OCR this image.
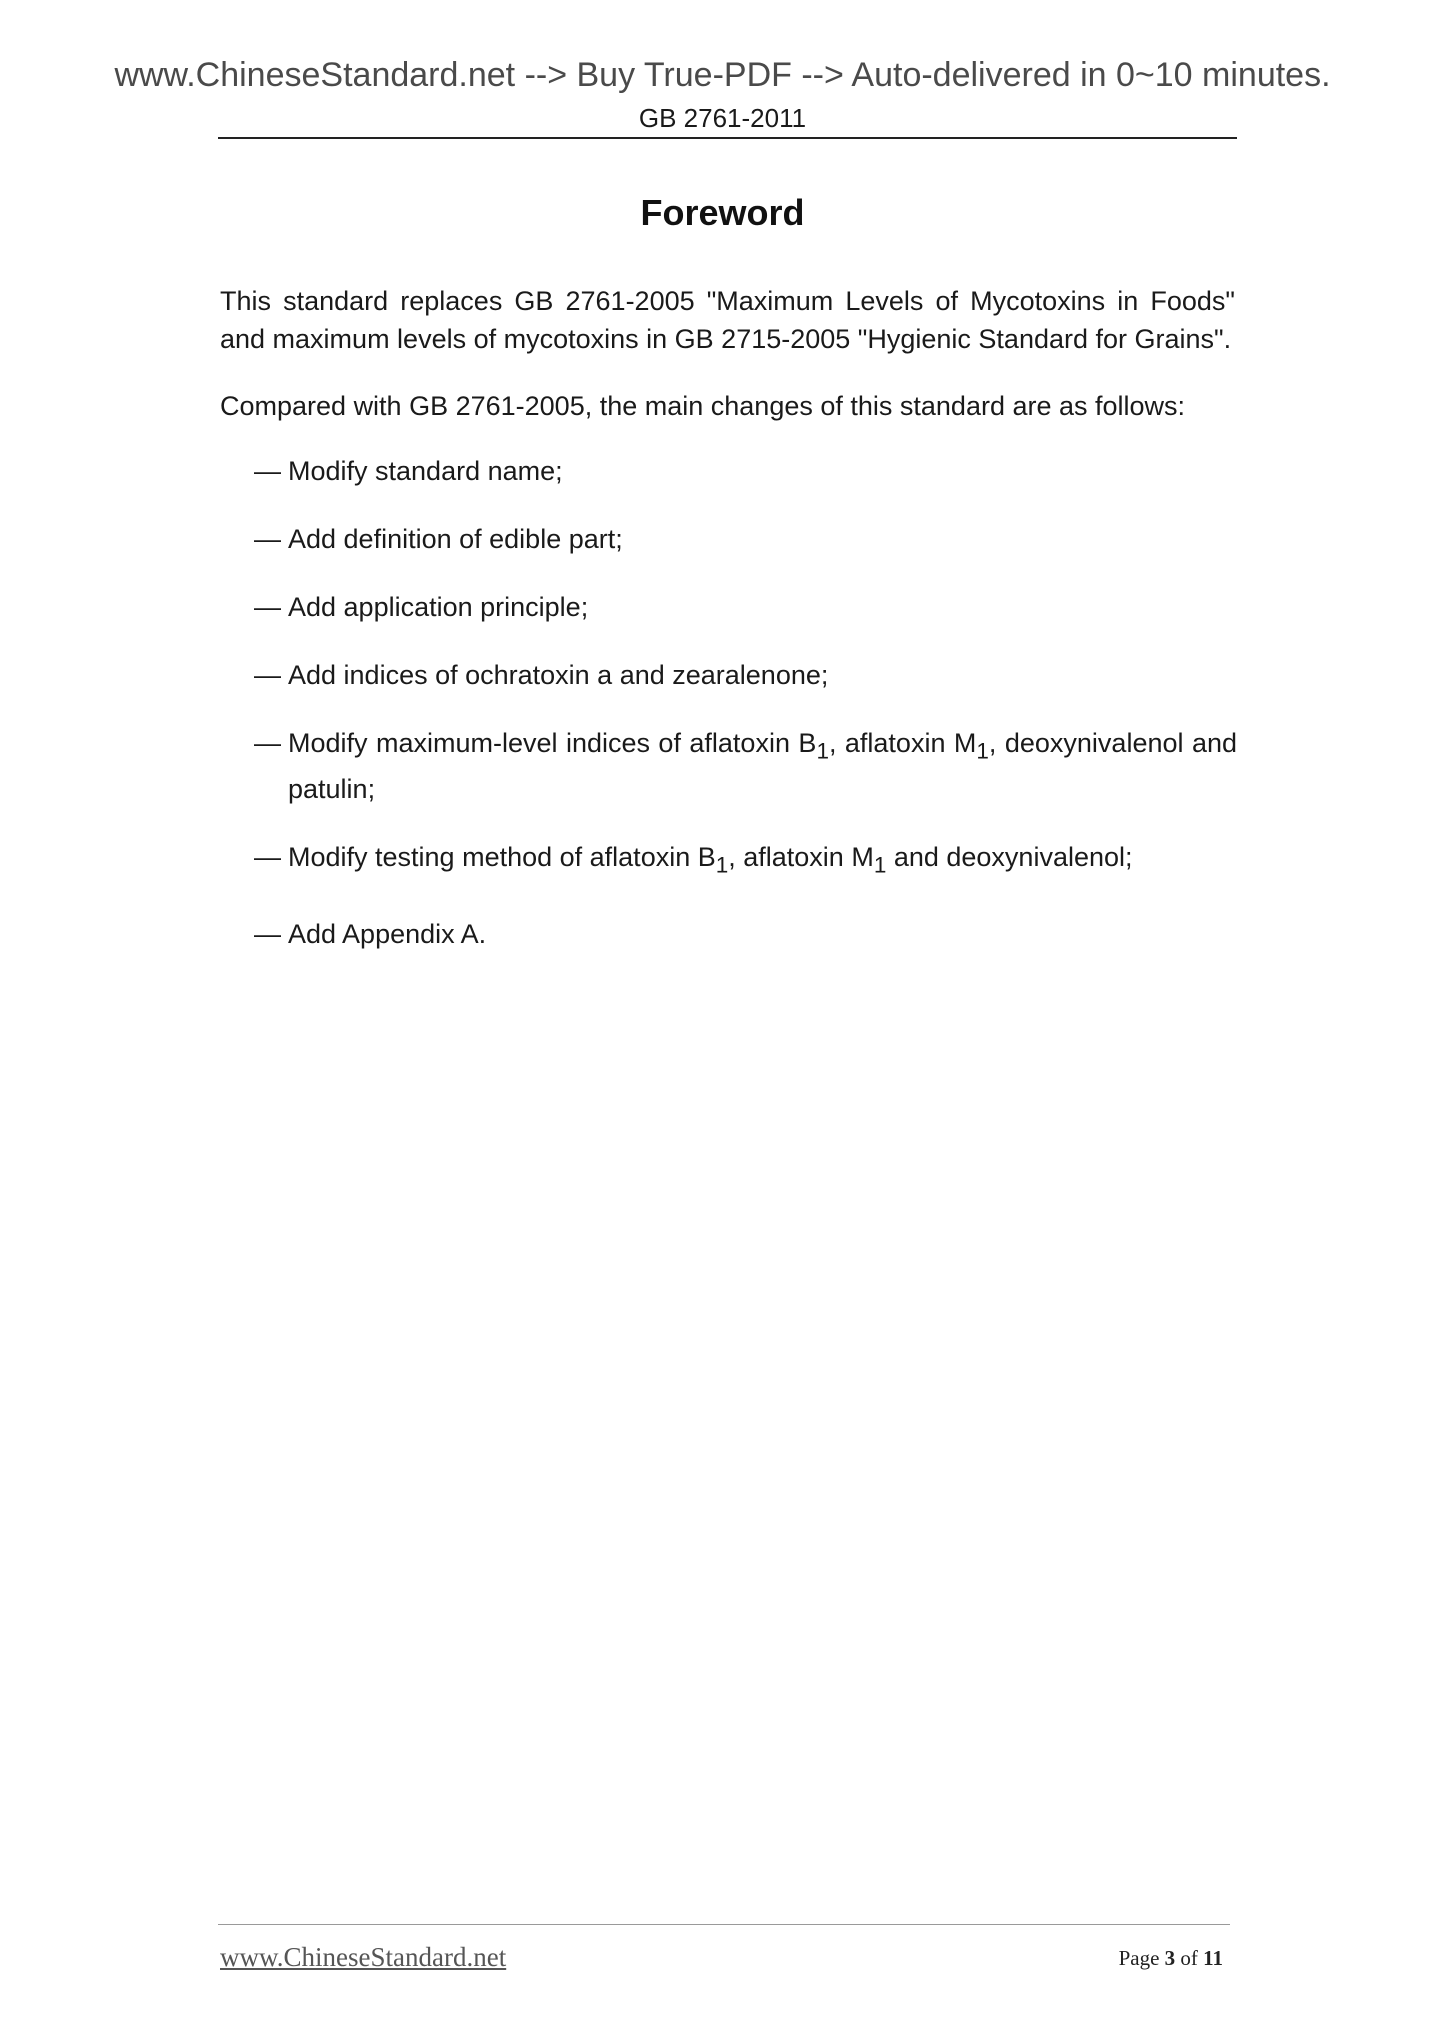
www.ChineseStandard.net --> Buy True-PDF --> Auto-delivered in 0~10 minutes.
GB 2761-2011
Foreword

This standard replaces GB 2761-2005 "Maximum Levels of Mycotoxins in Foods" and maximum levels of mycotoxins in GB 2715-2005 "Hygienic Standard for Grains".

Compared with GB 2761-2005, the main changes of this standard are as follows:

— Modify standard name;
— Add definition of edible part;
— Add application principle;
— Add indices of ochratoxin a and zearalenone;
— Modify maximum-level indices of aflatoxin $B_1$, aflatoxin $M_1$, deoxynivalenol and patulin;
— Modify testing method of aflatoxin $B_1$, aflatoxin $M_1$ and deoxynivalenol;
— Add Appendix A.
www.ChineseStandard.net	Page 3 of 11
